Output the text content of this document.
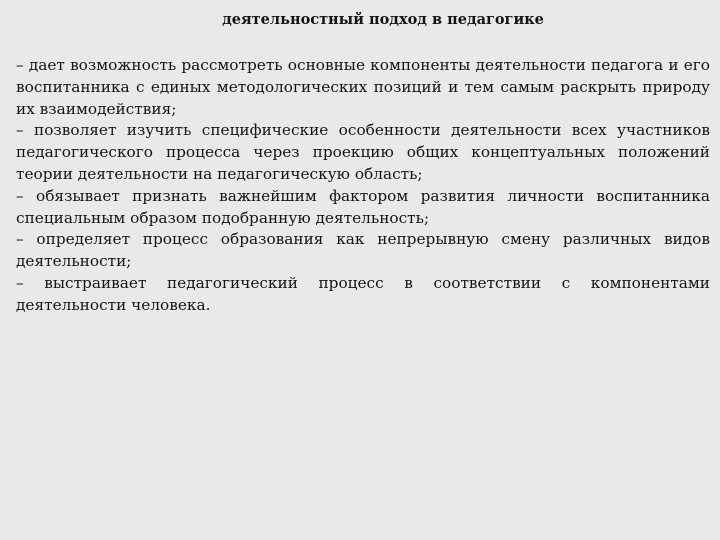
деятельностный подход в педагогике
– дает возможность рассмотреть основные компоненты деятельности педагога и его воспитанника с единых методологических позиций и тем самым раскрыть природу их взаимодействия;
– позволяет изучить специфические особенности деятельности всех участников педагогического процесса через проекцию общих концептуальных положений теории деятельности на педагогическую область;
– обязывает признать важнейшим фактором развития личности воспитанника специальным образом подобранную деятельность;
– определяет процесс образования как непрерывную смену различных видов деятельности;
– выстраивает педагогический процесс в соответствии с компонентами деятельности человека.
